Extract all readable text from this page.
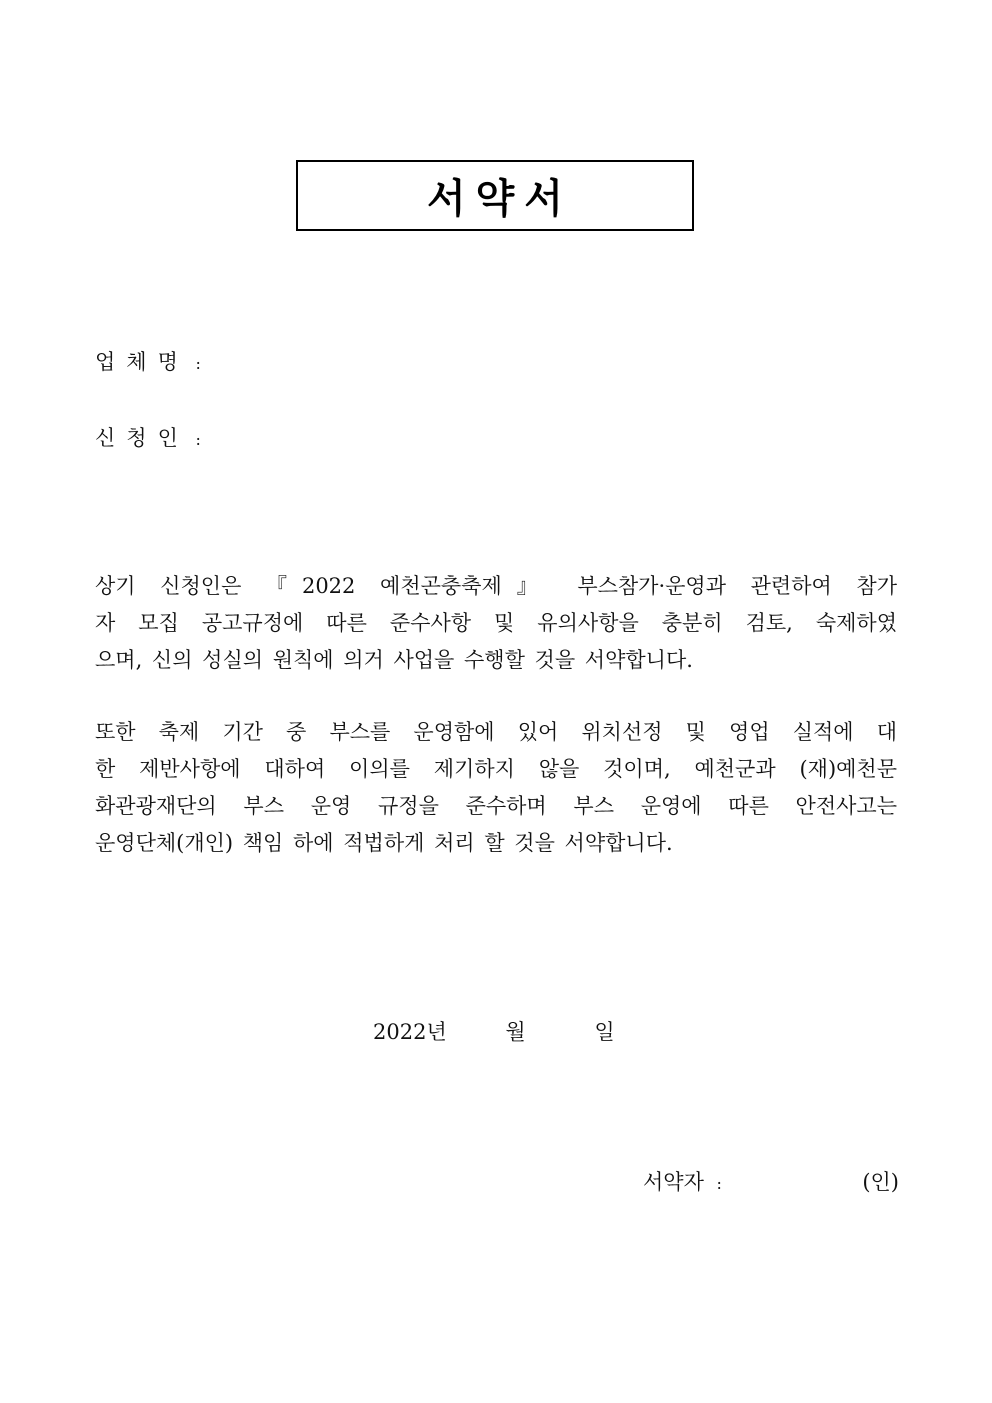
서약서
업체명 :
신청인 :
상기 신청인은 『2022 예천곤충축제』 부스참가·운영과 관련하여 참가
자 모집 공고규정에 따른 준수사항 및 유의사항을 충분히 검토, 숙제하였
으며, 신의 성실의 원칙에 의거 사업을 수행할 것을 서약합니다.
또한 축제 기간 중 부스를 운영함에 있어 위치선정 및 영업 실적에 대
한 제반사항에 대하여 이의를 제기하지 않을 것이며, 예천군과 (재)예천문
화관광재단의 부스 운영 규정을 준수하며 부스 운영에 따른 안전사고는
운영단체(개인) 책임 하에 적법하게 처리 할 것을 서약합니다.
2022년	월	일
서약자 :	(인)
